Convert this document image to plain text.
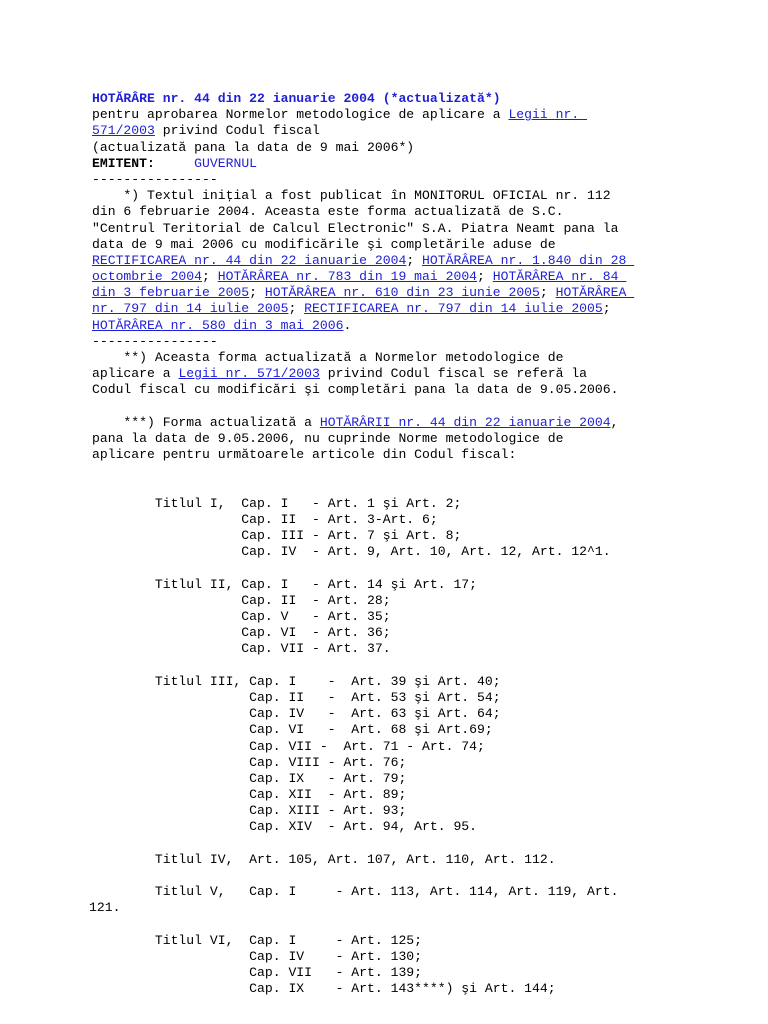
HOTĂRÂRE nr. 44 din 22 ianuarie 2004 (*actualizată*)
pentru aprobarea Normelor metodologice de aplicare a Legii nr.
571/2003 privind Codul fiscal
(actualizată pana la data de 9 mai 2006*)
EMITENT:	GUVERNUL
----------------
*) Textul iniţial a fost publicat în MONITORUL OFICIAL nr. 112
din 6 februarie 2004. Aceasta este forma actualizată de S.C.
"Centrul Teritorial de Calcul Electronic" S.A. Piatra Neamt pana la
data de 9 mai 2006 cu modificările şi completările aduse de
RECTIFICAREA nr. 44 din 22 ianuarie 2004; HOTĂRÂREA nr. 1.840 din 28
octombrie 2004; HOTĂRÂREA nr. 783 din 19 mai 2004; HOTĂRÂREA nr. 84
din 3 februarie 2005; HOTĂRÂREA nr. 610 din 23 iunie 2005; HOTĂRÂREA
nr. 797 din 14 iulie 2005; RECTIFICAREA nr. 797 din 14 iulie 2005;
HOTĂRÂREA nr. 580 din 3 mai 2006.
----------------
**) Aceasta forma actualizată a Normelor metodologice de
aplicare a Legii nr. 571/2003 privind Codul fiscal se referă la
Codul fiscal cu modificări şi completări pana la data de 9.05.2006.
***) Forma actualizată a HOTĂRÂRII nr. 44 din 22 ianuarie 2004,
pana la data de 9.05.2006, nu cuprinde Norme metodologice de
aplicare pentru următoarele articole din Codul fiscal:
Titlul I,  Cap. I   - Art. 1 şi Art. 2;
Cap. II  - Art. 3-Art. 6;
Cap. III - Art. 7 şi Art. 8;
Cap. IV  - Art. 9, Art. 10, Art. 12, Art. 12^1.
Titlul II, Cap. I   - Art. 14 şi Art. 17;
Cap. II  - Art. 28;
Cap. V   - Art. 35;
Cap. VI  - Art. 36;
Cap. VII - Art. 37.
Titlul III, Cap. I    -  Art. 39 şi Art. 40;
Cap. II   -  Art. 53 şi Art. 54;
Cap. IV   -  Art. 63 şi Art. 64;
Cap. VI   -  Art. 68 şi Art.69;
Cap. VII -  Art. 71 - Art. 74;
Cap. VIII - Art. 76;
Cap. IX   - Art. 79;
Cap. XII  - Art. 89;
Cap. XIII - Art. 93;
Cap. XIV  - Art. 94, Art. 95.
Titlul IV,  Art. 105, Art. 107, Art. 110, Art. 112.
Titlul V,   Cap. I     - Art. 113, Art. 114, Art. 119, Art.
121.
Titlul VI,  Cap. I     - Art. 125;
Cap. IV    - Art. 130;
Cap. VII   - Art. 139;
Cap. IX    - Art. 143****) şi Art. 144;
